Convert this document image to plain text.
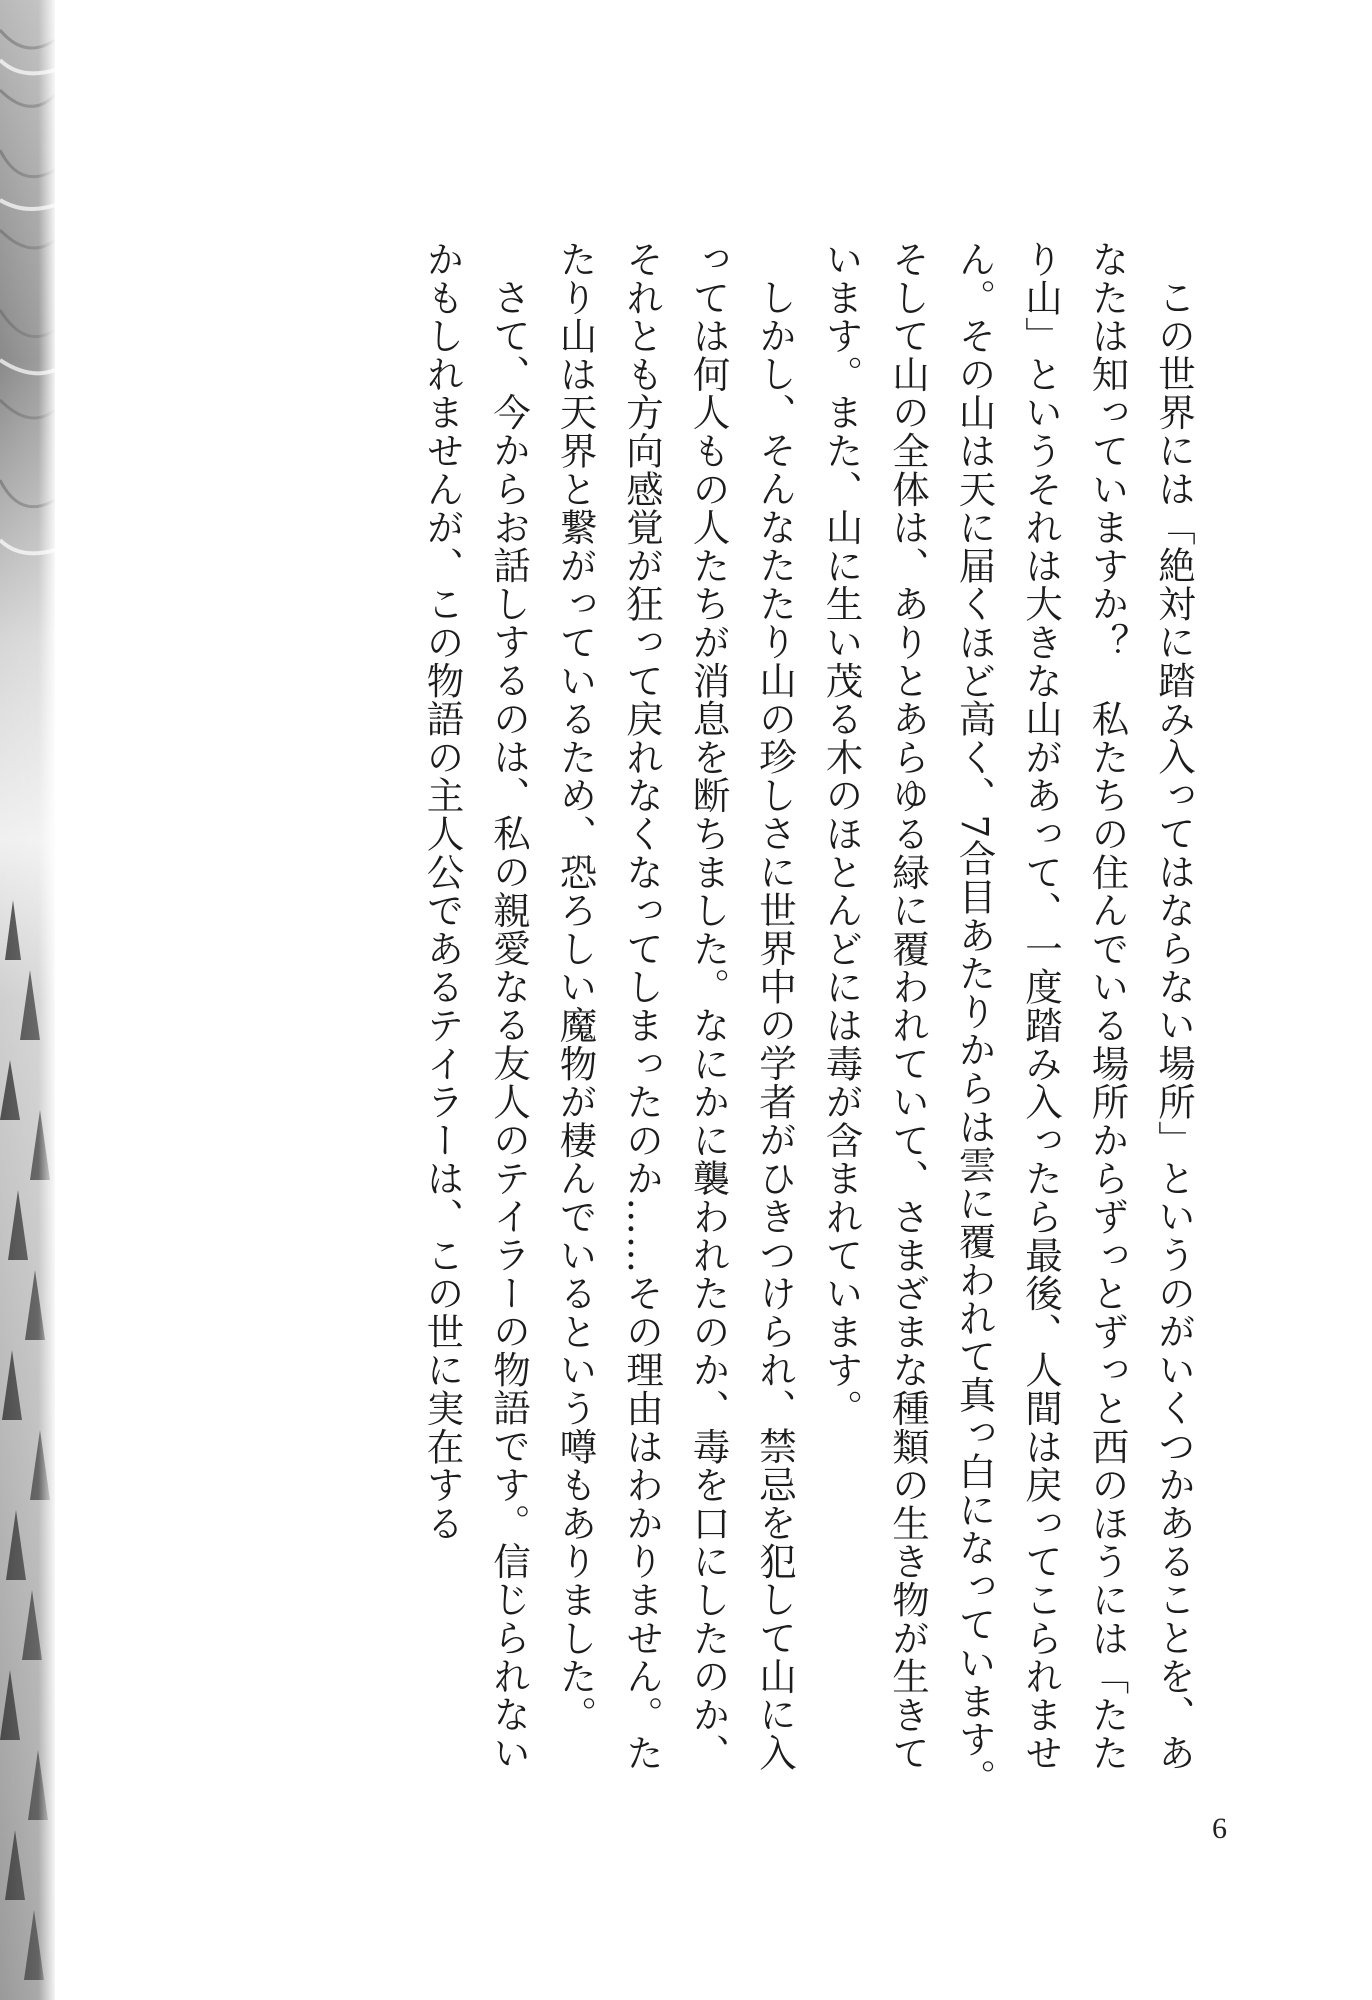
この世界には「絶対に踏み入ってはならない場所」というのがいくつかあることを、あなたは知っていますか？　私たちの住んでいる場所からずっとずっと西のほうには「たたり山」というそれは大きな山があって、一度踏み入ったら最後、人間は戻ってこられません。その山は天に届くほど高く、7合目あたりからは雲に覆われて真っ白になっています。そして山の全体は、ありとあらゆる緑に覆われていて、さまざまな種類の生き物が生きています。また、山に生い茂る木のほとんどには毒が含まれています。

しかし、そんなたたり山の珍しさに世界中の学者がひきつけられ、禁忌を犯して山に入っては何人もの人たちが消息を断ちました。なにかに襲われたのか、毒を口にしたのか、それとも方向感覚が狂って戻れなくなってしまったのか……その理由はわかりません。たたり山は天界と繋がっているため、恐ろしい魔物が棲んでいるという噂もありました。

さて、今からお話しするのは、私の親愛なる友人のテイラーの物語です。信じられないかもしれませんが、この物語の主人公であるテイラーは、この世に実在する

6
